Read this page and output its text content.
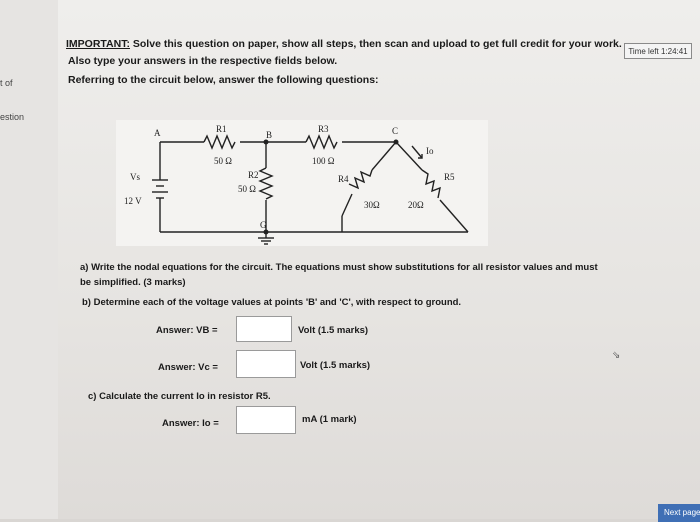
t of
estion
Time left 1:24:41
IMPORTANT: Solve this question on paper, show all steps, then scan and upload to get full credit for your work.
Also type your answers in the respective fields below.
Referring to the circuit below, answer the following questions:
A	R1
50 Ω
B
R3
100 Ω
C
R2
50 Ω
R4
30Ω
R5
20Ω
Io
Vs
12 V
G
a) Write the nodal equations for the circuit. The equations must show substitutions for all resistor values and must
be simplified. (3 marks)
b) Determine each of the voltage values at points 'B' and 'C', with respect to ground.
Answer: VB =	Volt (1.5 marks)
Answer: Vc =	Volt (1.5 marks)
c) Calculate the current Io in resistor R5.
Answer: Io =	mA (1 mark)
⇘
Next page
